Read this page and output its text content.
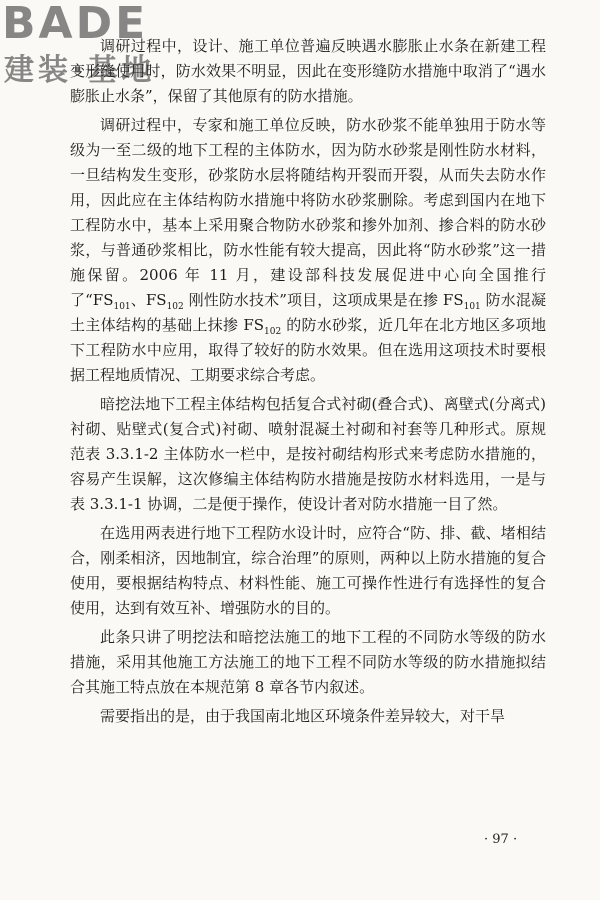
BADE
建装·基地

调研过程中，设计、施工单位普遍反映遇水膨胀止水条在新建工程变形缝使用时，防水效果不明显，因此在变形缝防水措施中取消了“遇水膨胀止水条”，保留了其他原有的防水措施。

调研过程中，专家和施工单位反映，防水砂浆不能单独用于防水等级为一至二级的地下工程的主体防水，因为防水砂浆是刚性防水材料，一旦结构发生变形，砂浆防水层将随结构开裂而开裂，从而失去防水作用，因此应在主体结构防水措施中将防水砂浆删除。考虑到国内在地下工程防水中，基本上采用聚合物防水砂浆和掺外加剂、掺合料的防水砂浆，与普通砂浆相比，防水性能有较大提高，因此将“防水砂浆”这一措施保留。2006 年 11 月，建设部科技发展促进中心向全国推行了“$FS_{101}$、$FS_{102}$ 刚性防水技术”项目，这项成果是在掺 $FS_{101}$ 防水混凝土主体结构的基础上抹掺 $FS_{102}$ 的防水砂浆，近几年在北方地区多项地下工程防水中应用，取得了较好的防水效果。但在选用这项技术时要根据工程地质情况、工期要求综合考虑。

暗挖法地下工程主体结构包括复合式衬砌(叠合式)、离壁式(分离式)衬砌、贴壁式(复合式)衬砌、喷射混凝土衬砌和衬套等几种形式。原规范表 3.3.1-2 主体防水一栏中，是按衬砌结构形式来考虑防水措施的，容易产生误解，这次修编主体结构防水措施是按防水材料选用，一是与表 3.3.1-1 协调，二是便于操作，使设计者对防水措施一目了然。

在选用两表进行地下工程防水设计时，应符合“防、排、截、堵相结合，刚柔相济，因地制宜，综合治理”的原则，两种以上防水措施的复合使用，要根据结构特点、材料性能、施工可操作性进行有选择性的复合使用，达到有效互补、增强防水的目的。

此条只讲了明挖法和暗挖法施工的地下工程的不同防水等级的防水措施，采用其他施工方法施工的地下工程不同防水等级的防水措施拟结合其施工特点放在本规范第 8 章各节内叙述。

需要指出的是，由于我国南北地区环境条件差异较大，对干旱

· 97 ·
